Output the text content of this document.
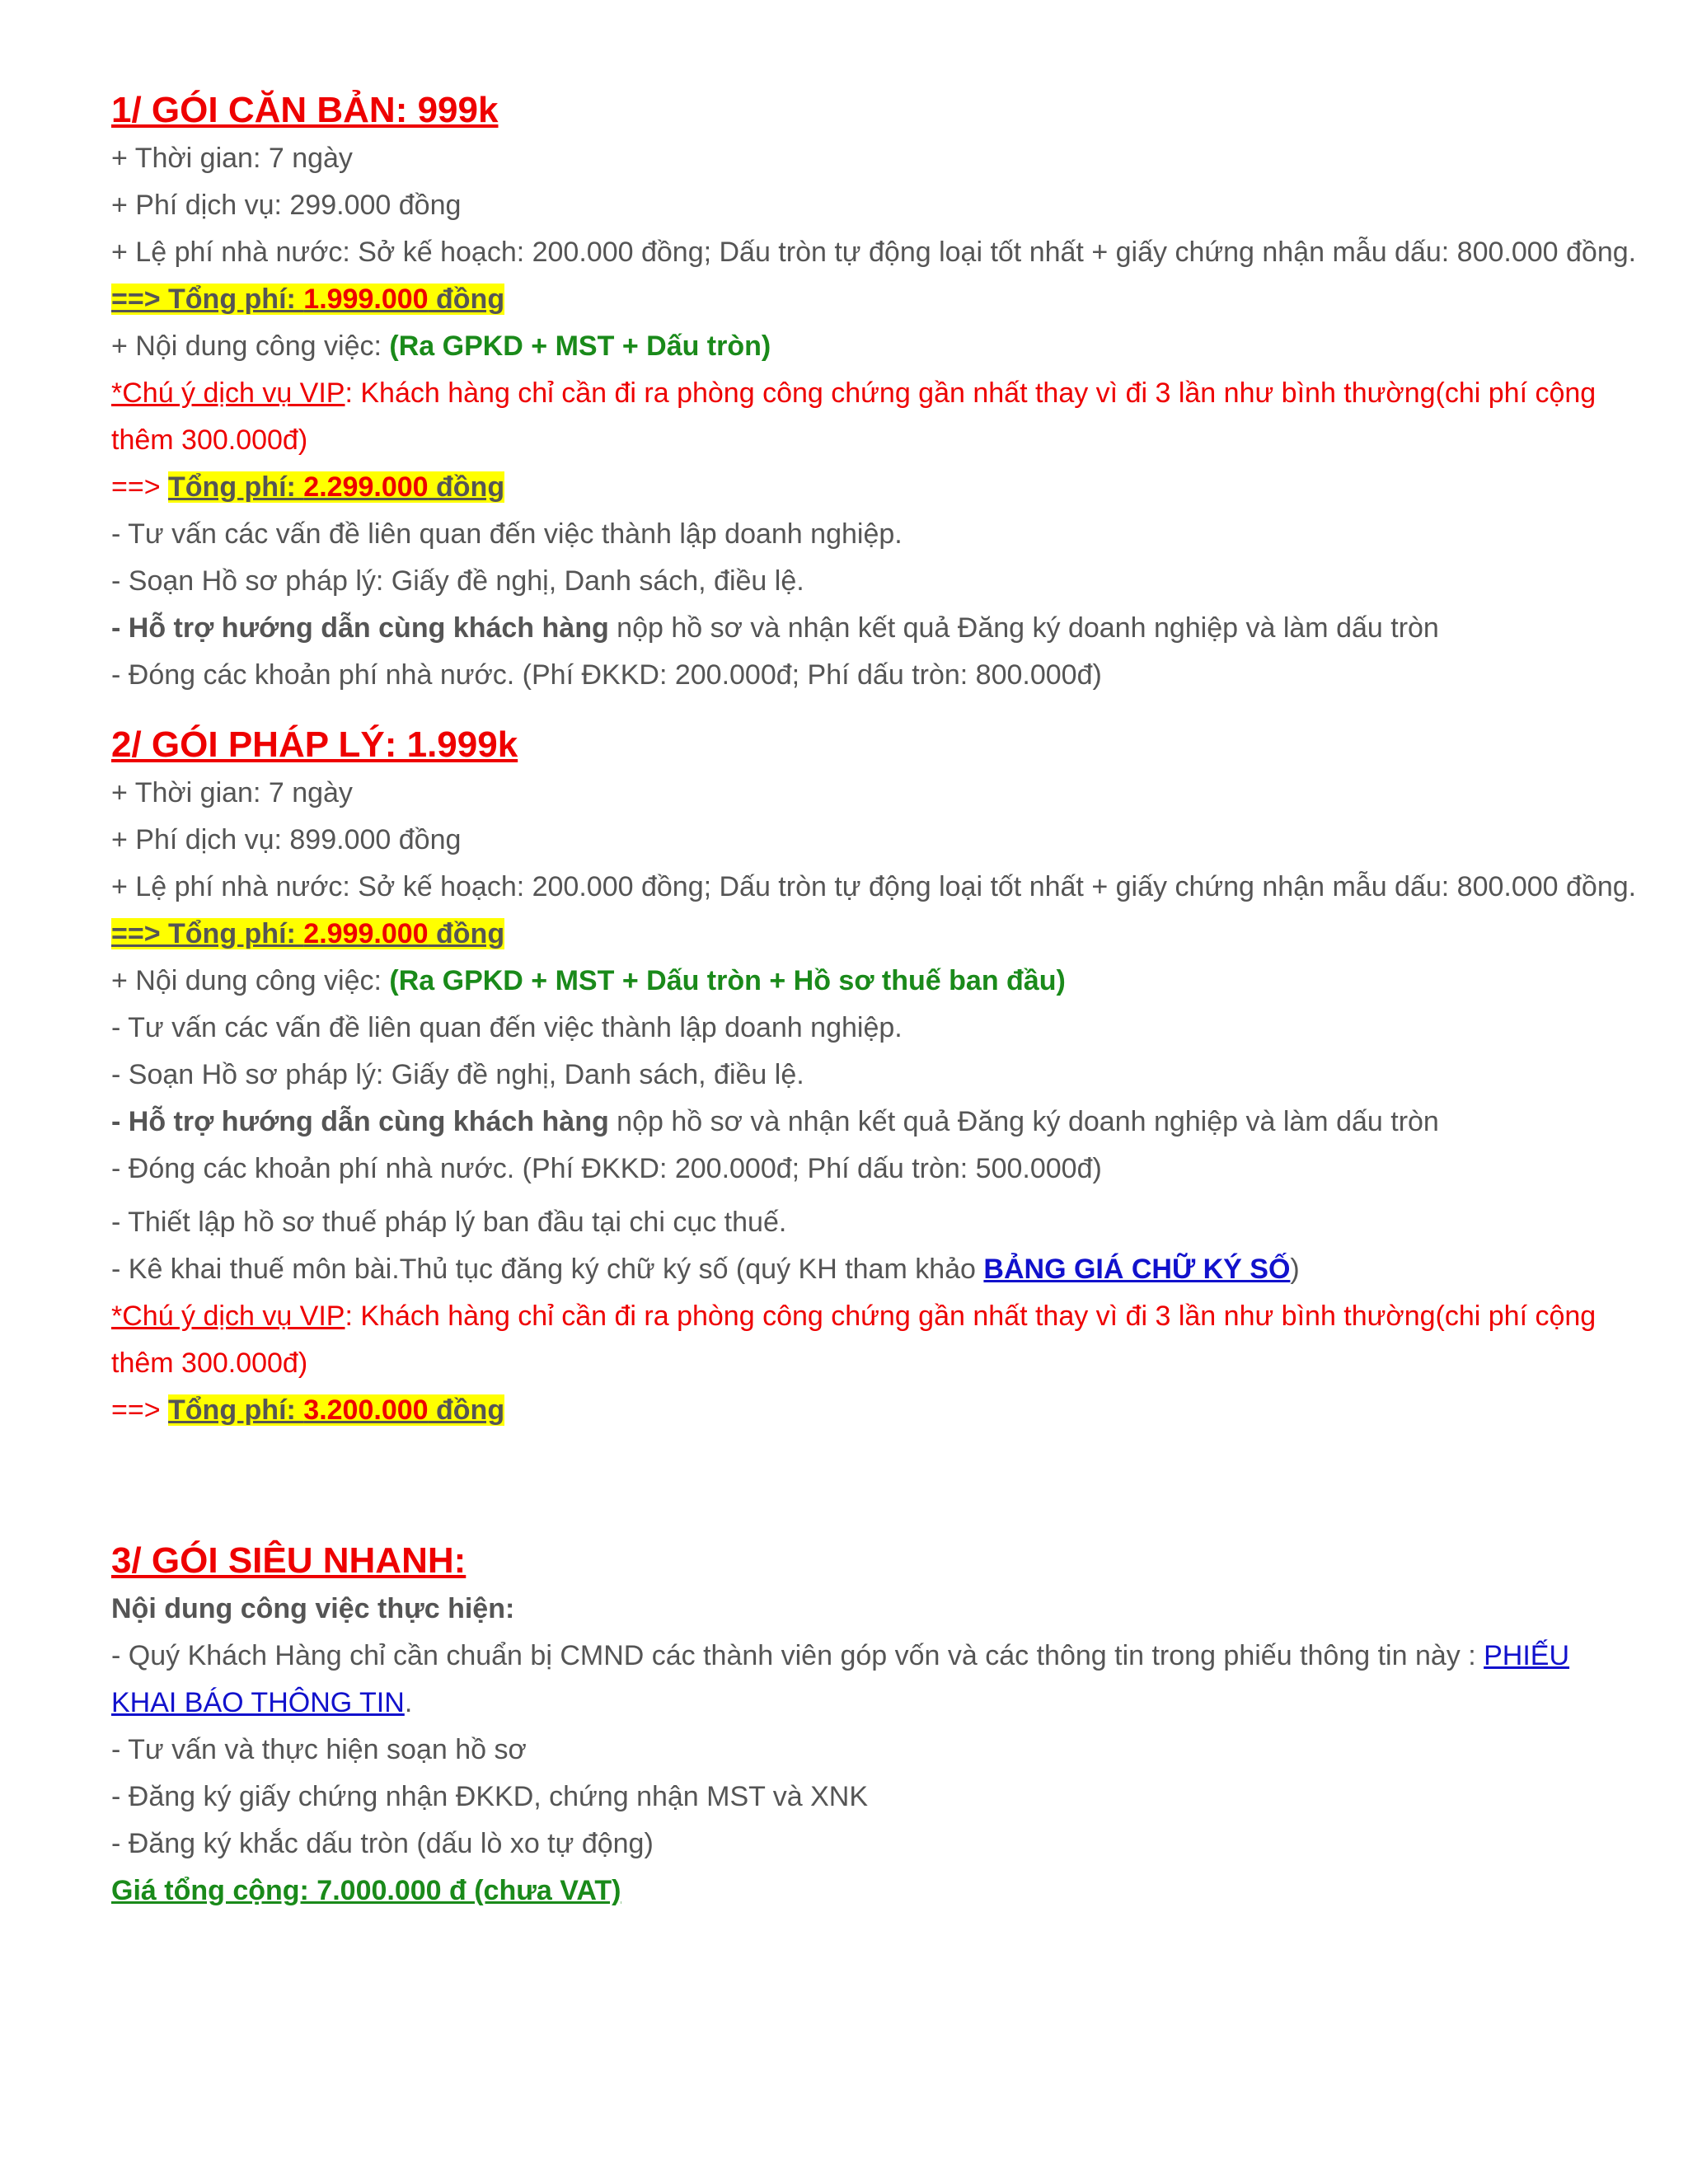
1/ GÓI CĂN BẢN: 999k
+ Thời gian: 7 ngày
+ Phí dịch vụ: 299.000 đồng
+ Lệ phí nhà nước: Sở kế hoạch: 200.000 đồng; Dấu tròn tự động loại tốt nhất + giấy chứng nhận mẫu dấu: 800.000 đồng.
==> Tổng phí: 1.999.000 đồng
+ Nội dung công việc: (Ra GPKD + MST + Dấu tròn)
*Chú ý dịch vụ VIP: Khách hàng chỉ cần đi ra phòng công chứng gần nhất thay vì đi 3 lần như bình thường(chi phí cộng thêm 300.000đ)
==> Tổng phí: 2.299.000 đồng
- Tư vấn các vấn đề liên quan đến việc thành lập doanh nghiệp.
- Soạn Hồ sơ pháp lý: Giấy đề nghị, Danh sách, điều lệ.
- Hỗ trợ hướng dẫn cùng khách hàng nộp hồ sơ và nhận kết quả Đăng ký doanh nghiệp và làm dấu tròn
- Đóng các khoản phí nhà nước. (Phí ĐKKD: 200.000đ; Phí dấu tròn: 800.000đ)
2/ GÓI PHÁP LÝ: 1.999k
+ Thời gian: 7 ngày
+ Phí dịch vụ: 899.000 đồng
+ Lệ phí nhà nước: Sở kế hoạch: 200.000 đồng; Dấu tròn tự động loại tốt nhất + giấy chứng nhận mẫu dấu: 800.000 đồng.
==> Tổng phí: 2.999.000 đồng
+ Nội dung công việc: (Ra GPKD + MST + Dấu tròn + Hồ sơ thuế ban đầu)
- Tư vấn các vấn đề liên quan đến việc thành lập doanh nghiệp.
- Soạn Hồ sơ pháp lý: Giấy đề nghị, Danh sách, điều lệ.
- Hỗ trợ hướng dẫn cùng khách hàng nộp hồ sơ và nhận kết quả Đăng ký doanh nghiệp và làm dấu tròn
- Đóng các khoản phí nhà nước. (Phí ĐKKD: 200.000đ; Phí dấu tròn: 500.000đ)
- Thiết lập hồ sơ thuế pháp lý ban đầu tại chi cục thuế.
- Kê khai thuế môn bài.Thủ tục đăng ký chữ ký số (quý KH tham khảo BẢNG GIÁ CHỮ KÝ SỐ)
*Chú ý dịch vụ VIP: Khách hàng chỉ cần đi ra phòng công chứng gần nhất thay vì đi 3 lần như bình thường(chi phí cộng thêm 300.000đ)
==> Tổng phí: 3.200.000 đồng
3/ GÓI SIÊU NHANH:
Nội dung công việc thực hiện:
- Quý Khách Hàng chỉ cần chuẩn bị CMND các thành viên góp vốn và các thông tin trong phiếu thông tin này : PHIẾU KHAI BÁO THÔNG TIN.
- Tư vấn và thực hiện soạn hồ sơ
- Đăng ký giấy chứng nhận ĐKKD, chứng nhận MST và XNK
- Đăng ký khắc dấu tròn (dấu lò xo tự động)
Giá tổng cộng: 7.000.000 đ (chưa VAT)
